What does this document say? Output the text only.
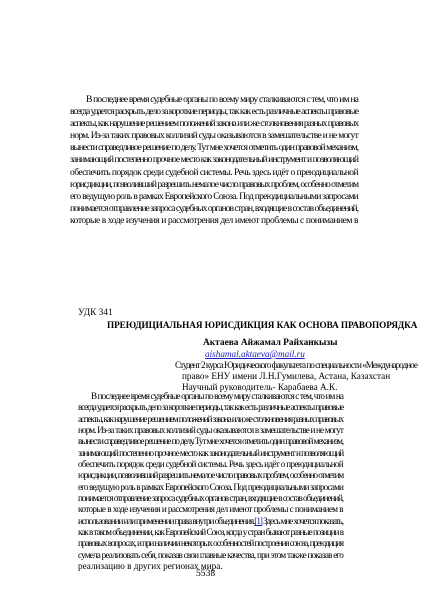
В последнее время судебные органы по всему миру сталкиваются с тем, что им на
всегда удается раскрыть дело за короткие периоды, так как есть различные аспекты правовые
аспекты, как нарушение решением положений закона или же столкновения разных правовых
норм. Из-за таких правовых коллизий суды оказываются в замешательстве и не могут
вынести справедливое решение по делу. Тут мне хочется отметить один правовой механизм,
занимающий постепенно прочное место как законодательный инструмент и позволяющий
обеспечить порядок среди судебной системы. Речь здесь идёт о преюдициальной
юрисдикции, позволивший разрешить немалое число правовых проблем, особенно отметим
его ведущую роль в рамках Европейского Союза. Под преюдициальными запросами
понимается отправление запроса судебных органов стран, входящие в состав объединений,
которые в ходе изучения и рассмотрения дел имеют проблемы с пониманием в
УДК 341
ПРЕЮДИЦИАЛЬНАЯ ЮРИСДИКЦИЯ КАК ОСНОВА ПРАВОПОРЯДКА
Актаева Айжамал Райханкызы
aishamal.aktaeva@mail.ru
Студент 2 курса Юридического факультета по специальности «Международное
право» ЕНУ имени Л.Н.Гумилева, Астана, Казахстан
Научный руководитель- Карабаева А.К.
В последнее время судебные органы по всему миру сталкиваются с тем, что им на
всегда удается раскрыть дело за короткие периоды, так как есть различные аспекты правовые
аспекты, как нарушение решением положений закона или же столкновения разных правовых
норм. Из-за таких правовых коллизий суды оказываются в замешательстве и не могут
вынести справедливое решение по делу. Тут мне хочется отметить один правовой механизм,
занимающий постепенно прочное место как законодательный инструмент и позволяющий
обеспечить порядок среди судебной системы. Речь здесь идёт о преюдициальной
юрисдикции, позволивший разрешить немалое число правовых проблем, особенно отметим
его ведущую роль в рамках Европейского Союза. Под преюдициальными запросами
понимается отправление запроса судебных органов стран, входящие в состав объединений,
которые в ходе изучения и рассмотрения дел имеют проблемы с пониманием в
использовании или применении права внутри объединения.[1] Здесь мне хочется показать,
как в таком объединении, как Европейский Союз, когда у стран бывают разные позиции в
правовых вопросах, и при наличии некоторых особенностей построения союза, преюдиция
сумела реализовать себя, показав свои главные качества, при этом также показав его
реализацию в других регионах мира.
5538
